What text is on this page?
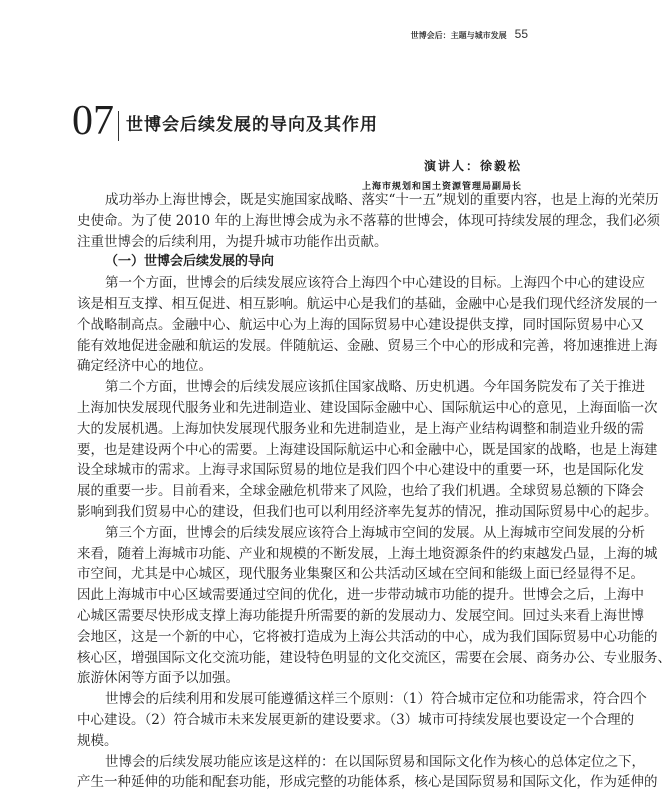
世博会后：主题与城市发展 55
07 世博会后续发展的导向及其作用
演讲人：徐毅松
上海市规划和国土资源管理局副局长
成功举办上海世博会，既是实施国家战略、落实“十一五”规划的重要内容，也是上海的光荣历
史使命。为了使 2010 年的上海世博会成为永不落幕的世博会，体现可持续发展的理念，我们必须
注重世博会的后续利用，为提升城市功能作出贡献。
（一）世博会后续发展的导向
第一个方面，世博会的后续发展应该符合上海四个中心建设的目标。上海四个中心的建设应
该是相互支撑、相互促进、相互影响。航运中心是我们的基础，金融中心是我们现代经济发展的一
个战略制高点。金融中心、航运中心为上海的国际贸易中心建设提供支撑，同时国际贸易中心又
能有效地促进金融和航运的发展。伴随航运、金融、贸易三个中心的形成和完善，将加速推进上海
确定经济中心的地位。
第二个方面，世博会的后续发展应该抓住国家战略、历史机遇。今年国务院发布了关于推进
上海加快发展现代服务业和先进制造业、建设国际金融中心、国际航运中心的意见，上海面临一次
大的发展机遇。上海加快发展现代服务业和先进制造业，是上海产业结构调整和制造业升级的需
要，也是建设两个中心的需要。上海建设国际航运中心和金融中心，既是国家的战略，也是上海建
设全球城市的需求。上海寻求国际贸易的地位是我们四个中心建设中的重要一环，也是国际化发
展的重要一步。目前看来，全球金融危机带来了风险，也给了我们机遇。全球贸易总额的下降会
影响到我们贸易中心的建设，但我们也可以利用经济率先复苏的情况，推动国际贸易中心的起步。
第三个方面，世博会的后续发展应该符合上海城市空间的发展。从上海城市空间发展的分析
来看，随着上海城市功能、产业和规模的不断发展，上海土地资源条件的约束越发凸显，上海的城
市空间，尤其是中心城区，现代服务业集聚区和公共活动区域在空间和能级上面已经显得不足。
因此上海城市中心区域需要通过空间的优化，进一步带动城市功能的提升。世博会之后，上海中
心城区需要尽快形成支撑上海功能提升所需要的新的发展动力、发展空间。回过头来看上海世博
会地区，这是一个新的中心，它将被打造成为上海公共活动的中心，成为我们国际贸易中心功能的
核心区，增强国际文化交流功能，建设特色明显的文化交流区，需要在会展、商务办公、专业服务、
旅游休闲等方面予以加强。
世博会的后续利用和发展可能遵循这样三个原则：（1）符合城市定位和功能需求，符合四个
中心建设。（2）符合城市未来发展更新的建设要求。（3）城市可持续发展也要设定一个合理的
规模。
世博会的后续发展功能应该是这样的：在以国际贸易和国际文化作为核心的总体定位之下，
产生一种延伸的功能和配套功能，形成完整的功能体系，核心是国际贸易和国际文化，作为延伸的
